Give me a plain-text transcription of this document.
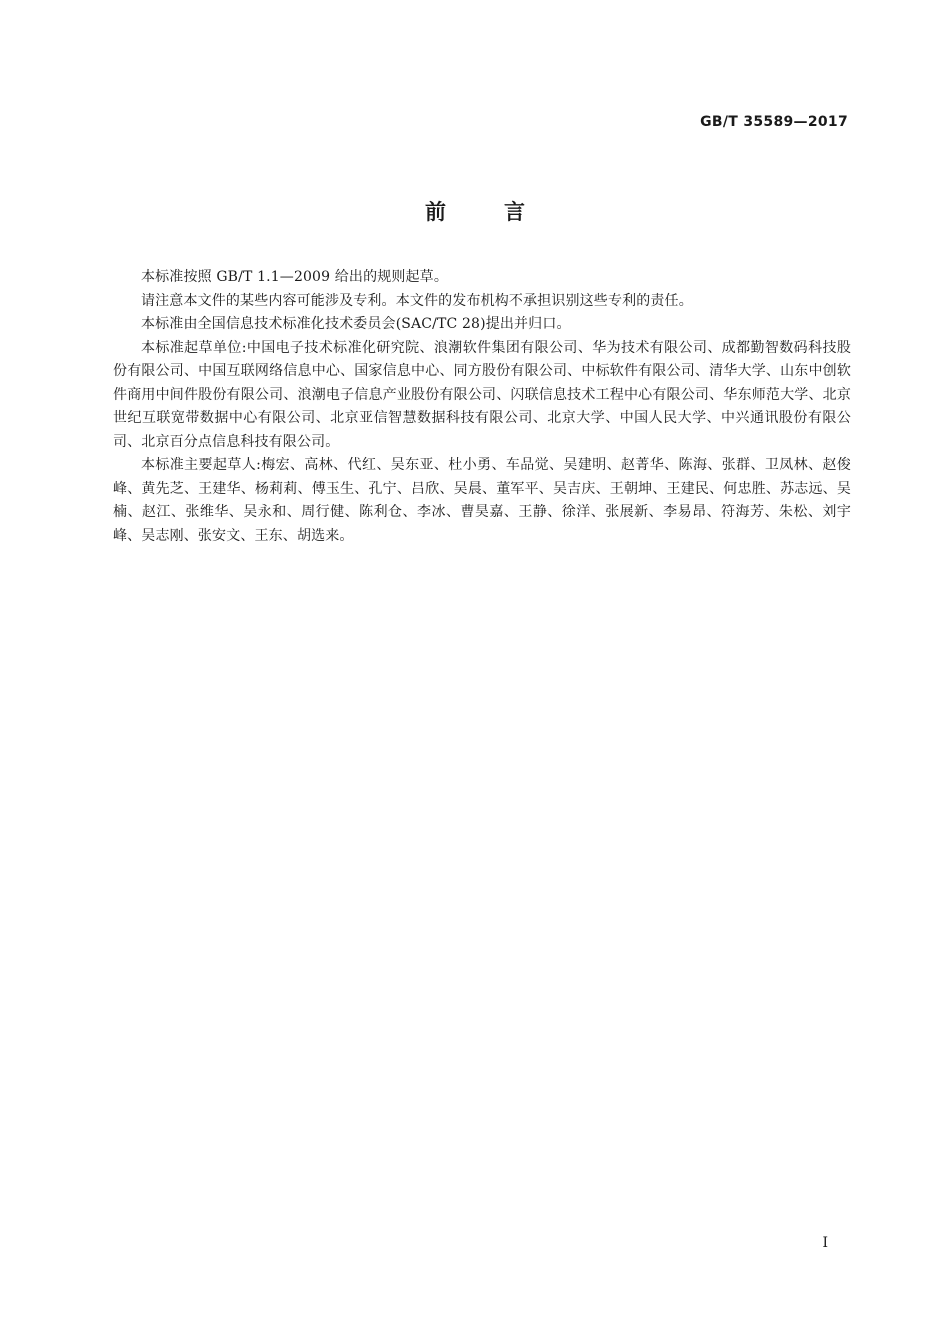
GB/T 35589—2017
前言

本标准按照 GB/T 1.1—2009 给出的规则起草。

请注意本文件的某些内容可能涉及专利。本文件的发布机构不承担识别这些专利的责任。

本标准由全国信息技术标准化技术委员会(SAC/TC 28)提出并归口。

本标准起草单位:中国电子技术标准化研究院、浪潮软件集团有限公司、华为技术有限公司、成都勤智数码科技股份有限公司、中国互联网络信息中心、国家信息中心、同方股份有限公司、中标软件有限公司、清华大学、山东中创软件商用中间件股份有限公司、浪潮电子信息产业股份有限公司、闪联信息技术工程中心有限公司、华东师范大学、北京世纪互联宽带数据中心有限公司、北京亚信智慧数据科技有限公司、北京大学、中国人民大学、中兴通讯股份有限公司、北京百分点信息科技有限公司。

本标准主要起草人:梅宏、高林、代红、吴东亚、杜小勇、车品觉、吴建明、赵菁华、陈海、张群、卫凤林、赵俊峰、黄先芝、王建华、杨莉莉、傅玉生、孔宁、吕欣、吴晨、董军平、吴吉庆、王朝坤、王建民、何忠胜、苏志远、吴楠、赵江、张维华、吴永和、周行健、陈利仓、李冰、曹昊嘉、王静、徐洋、张展新、李易昂、符海芳、朱松、刘宇峰、吴志刚、张安文、王东、胡选来。

I
